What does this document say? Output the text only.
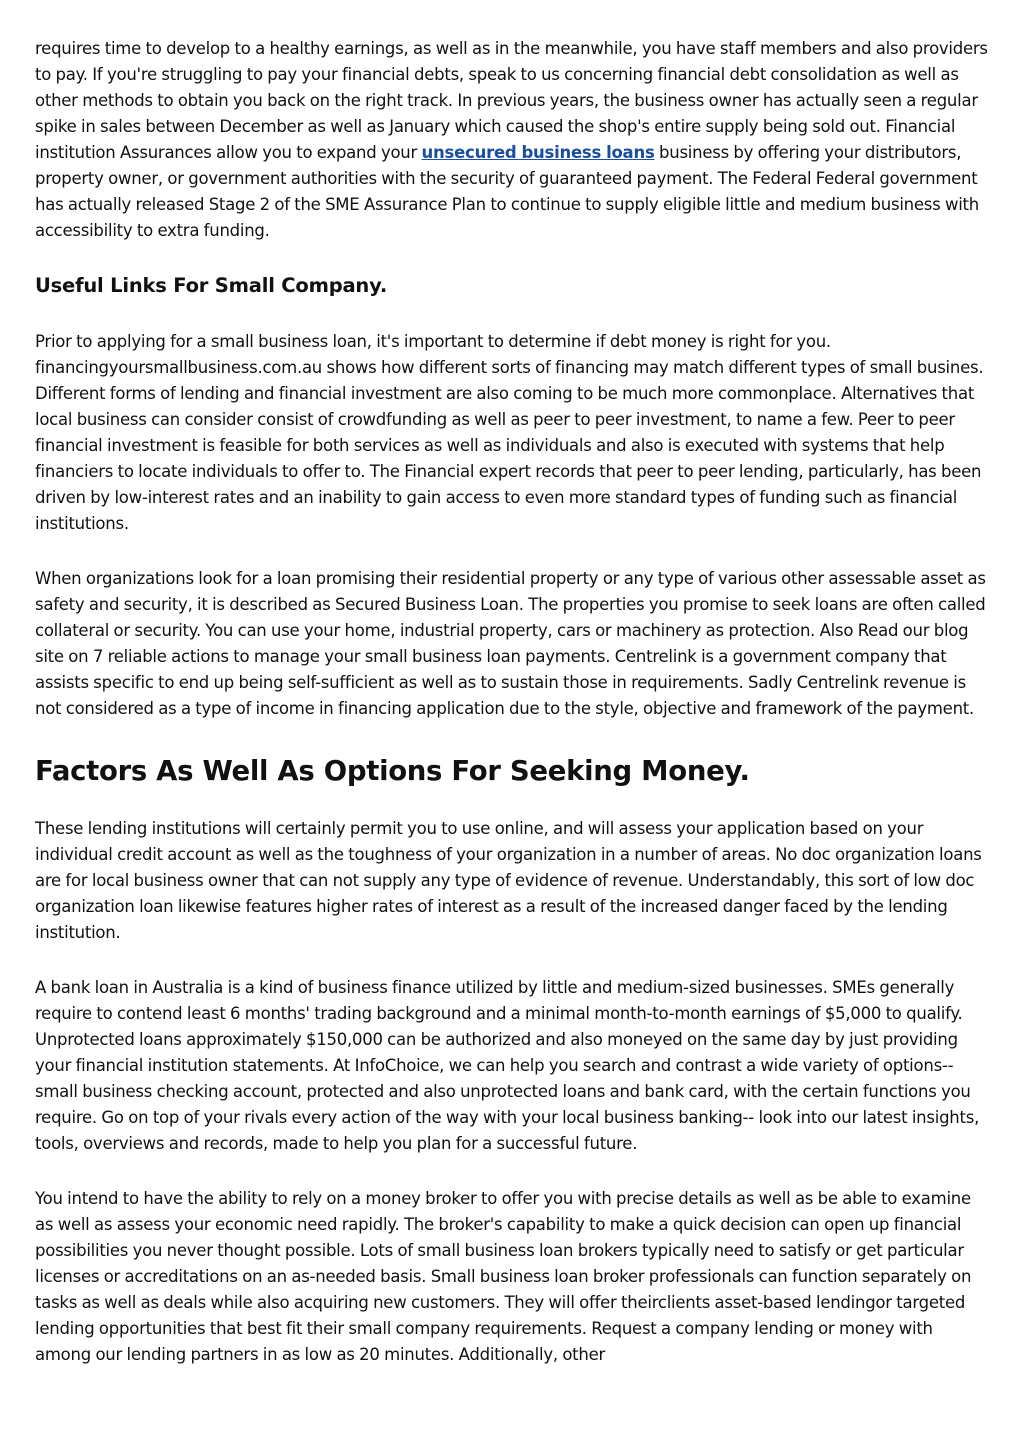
requires time to develop to a healthy earnings, as well as in the meanwhile, you have staff members and also providers to pay. If you're struggling to pay your financial debts, speak to us concerning financial debt consolidation as well as other methods to obtain you back on the right track. In previous years, the business owner has actually seen a regular spike in sales between December as well as January which caused the shop's entire supply being sold out. Financial institution Assurances allow you to expand your unsecured business loans business by offering your distributors, property owner, or government authorities with the security of guaranteed payment. The Federal Federal government has actually released Stage 2 of the SME Assurance Plan to continue to supply eligible little and medium business with accessibility to extra funding.

Useful Links For Small Company.

Prior to applying for a small business loan, it's important to determine if debt money is right for you. financingyoursmallbusiness.com.au shows how different sorts of financing may match different types of small busines. Different forms of lending and financial investment are also coming to be much more commonplace. Alternatives that local business can consider consist of crowdfunding as well as peer to peer investment, to name a few. Peer to peer financial investment is feasible for both services as well as individuals and also is executed with systems that help financiers to locate individuals to offer to. The Financial expert records that peer to peer lending, particularly, has been driven by low-interest rates and an inability to gain access to even more standard types of funding such as financial institutions.

When organizations look for a loan promising their residential property or any type of various other assessable asset as safety and security, it is described as Secured Business Loan. The properties you promise to seek loans are often called collateral or security. You can use your home, industrial property, cars or machinery as protection. Also Read our blog site on 7 reliable actions to manage your small business loan payments. Centrelink is a government company that assists specific to end up being self-sufficient as well as to sustain those in requirements. Sadly Centrelink revenue is not considered as a type of income in financing application due to the style, objective and framework of the payment.

Factors As Well As Options For Seeking Money.

These lending institutions will certainly permit you to use online, and will assess your application based on your individual credit account as well as the toughness of your organization in a number of areas. No doc organization loans are for local business owner that can not supply any type of evidence of revenue. Understandably, this sort of low doc organization loan likewise features higher rates of interest as a result of the increased danger faced by the lending institution.

A bank loan in Australia is a kind of business finance utilized by little and medium-sized businesses. SMEs generally require to contend least 6 months' trading background and a minimal month-to-month earnings of $5,000 to qualify. Unprotected loans approximately $150,000 can be authorized and also moneyed on the same day by just providing your financial institution statements. At InfoChoice, we can help you search and contrast a wide variety of options-- small business checking account, protected and also unprotected loans and bank card, with the certain functions you require. Go on top of your rivals every action of the way with your local business banking-- look into our latest insights, tools, overviews and records, made to help you plan for a successful future.

You intend to have the ability to rely on a money broker to offer you with precise details as well as be able to examine as well as assess your economic need rapidly. The broker's capability to make a quick decision can open up financial possibilities you never thought possible. Lots of small business loan brokers typically need to satisfy or get particular licenses or accreditations on an as-needed basis. Small business loan broker professionals can function separately on tasks as well as deals while also acquiring new customers. They will offer theirclients asset-based lendingor targeted lending opportunities that best fit their small company requirements. Request a company lending or money with among our lending partners in as low as 20 minutes. Additionally, other
